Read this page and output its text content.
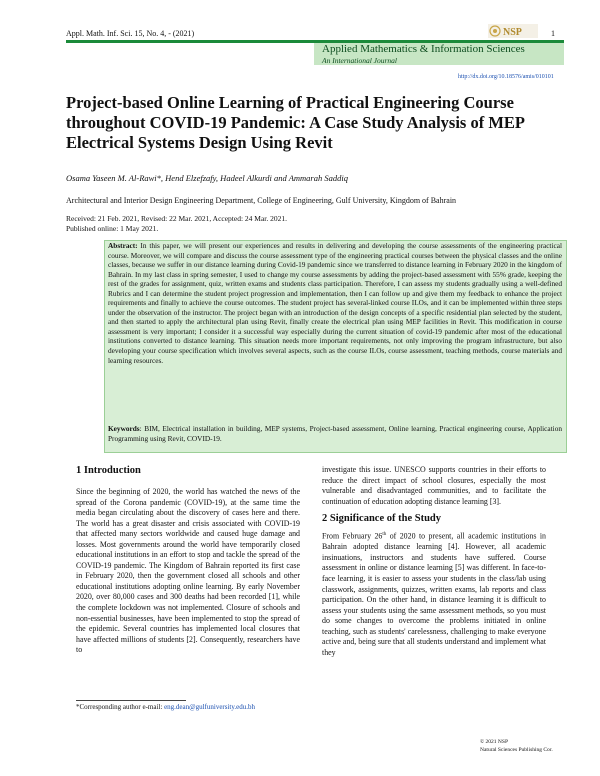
Appl. Math. Inf. Sci. 15, No. 4, - (2021)	NSP	1
Applied Mathematics & Information Sciences
An International Journal
http://dx.doi.org/10.18576/amis/010101
Project-based Online Learning of Practical Engineering Course throughout COVID-19 Pandemic: A Case Study Analysis of MEP Electrical Systems Design Using Revit
Osama Yaseen M. Al-Rawi*, Hend Elzefzafy, Hadeel Alkurdi and Ammarah Saddiq
Architectural and Interior Design Engineering Department, College of Engineering, Gulf University, Kingdom of Bahrain
Received: 21 Feb. 2021, Revised: 22 Mar. 2021, Accepted: 24 Mar. 2021.
Published online: 1 May 2021.
Abstract: In this paper, we will present our experiences and results in delivering and developing the course assessments of the engineering practical course. Moreover, we will compare and discuss the course assessment type of the engineering practical courses between the physical classes and the online classes, because we suffer in our distance learning during Covid-19 pandemic since we transferred to distance learning in February 2020 in the kingdom of Bahrain. In my last class in spring semester, I used to change my course assessments by adding the project-based assessment with 55% grade, keeping the rest of the grades for assignment, quiz, written exams and students class participation. Therefore, I can assess my students gradually using a well-defined Rubrics and I can determine the student project progression and implementation, then I can follow up and give them my feedback to enhance the project requirements and finally to achieve the course outcomes. The student project has several-linked course ILOs, and it can be implemented within three steps under the observation of the instructor. The project began with an introduction of the design concepts of a specific residential plan selected by the student, and then started to apply the architectural plan using Revit, finally create the electrical plan using MEP facilities in Revit. This modification in course assessment is very important; I consider it a successful way especially during the current situation of covid-19 pandemic after most of the educational institutions converted to distance learning. This situation needs more important requirements, not only improving the program infrastructure, but also developing your course specification which involves several aspects, such as the course ILOs, course assessment, teaching methods, course materials and learning resources.
Keywords: BIM, Electrical installation in building, MEP systems, Project-based assessment, Online learning, Practical engineering course, Application Programming using Revit, COVID-19.
1 Introduction
Since the beginning of 2020, the world has watched the news of the spread of the Corona pandemic (COVID-19), at the same time the media began circulating about the discovery of cases here and there. The world has a great disaster and crisis associated with COVID-19 that affected many sectors worldwide and caused huge damage and losses. Most governments around the world have temporarily closed educational institutions in an effort to stop and tackle the spread of the COVID-19 pandemic. The Kingdom of Bahrain reported its first case in February 2020, then the government closed all schools and other educational institutions adopting online learning. By early November 2020, over 80,000 cases and 300 deaths had been recorded [1], while the complete lockdown was not implemented. Closure of schools and non-essential businesses, have been implemented to stop the spread of the epidemic. Several countries has implemented local closures that have affected millions of students [2]. Consequently, researchers have to
investigate this issue. UNESCO supports countries in their efforts to reduce the direct impact of school closures, especially the most vulnerable and disadvantaged communities, and to facilitate the continuation of education adopting distance learning [3].
2 Significance of the Study
From February 26th of 2020 to present, all academic institutions in Bahrain adopted distance learning [4]. However, all academic insinuations, instructors and students have suffered. Course assessment in online or distance learning [5] was different. In face-to-face learning, it is easier to assess your students in the class/lab using classwork, assignments, quizzes, written exams, lab reports and class participation. On the other hand, in distance learning it is difficult to assess your students using the same assessment methods, so you must do some changes to overcome the problems initiated in online teaching, such as students' carelessness, challenging to make everyone active and, being sure that all students understand and implement what they
*Corresponding author e-mail: eng.dean@gulfuniversity.edu.bh
© 2021 NSP
Natural Sciences Publishing Cor.
